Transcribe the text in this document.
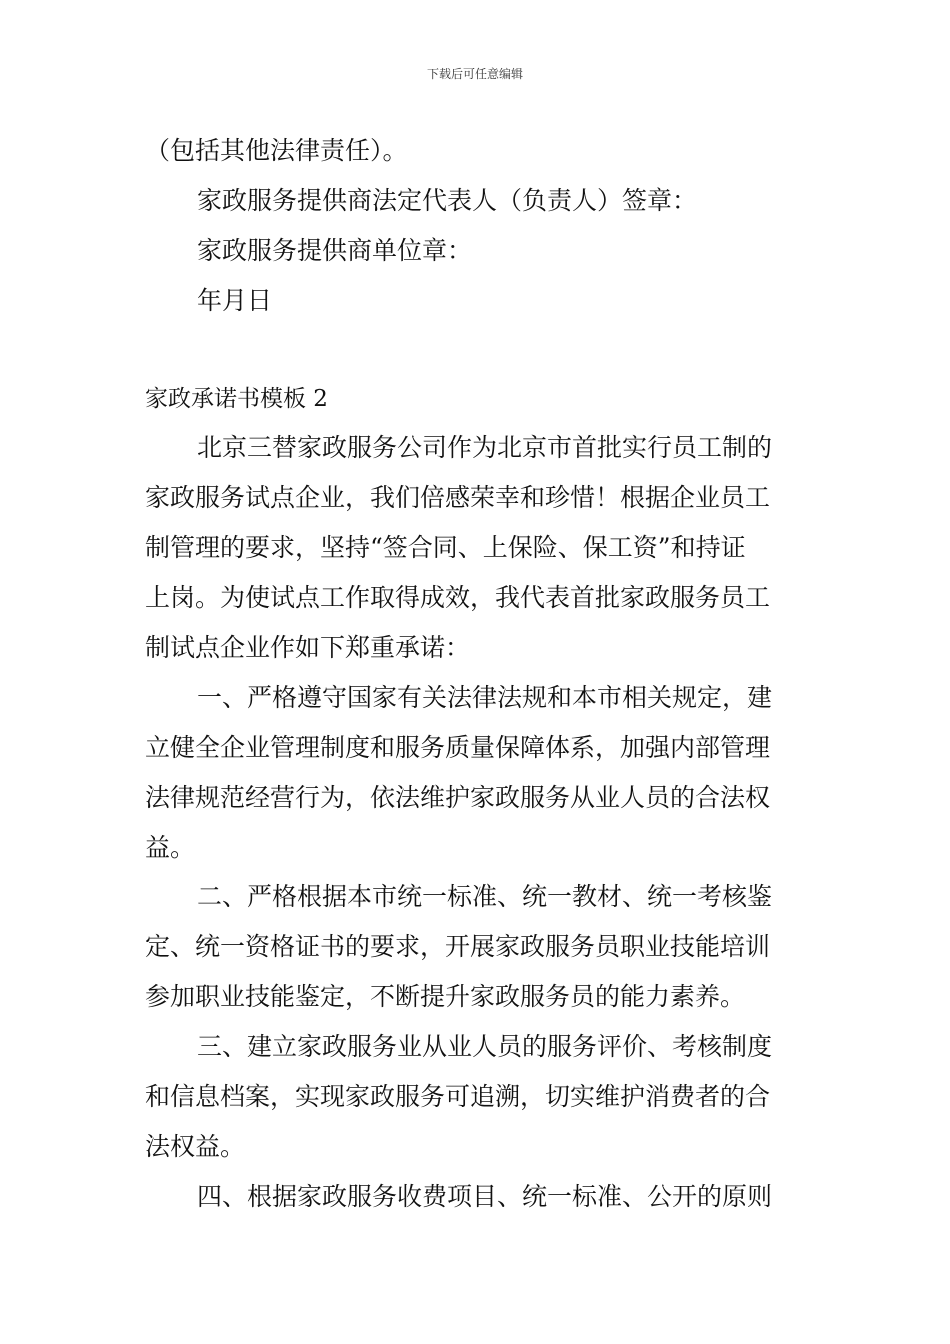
下载后可任意编辑
（包括其他法律责任）。
家政服务提供商法定代表人（负责人）签章：
家政服务提供商单位章：
年月日
家政承诺书模板 2
北京三替家政服务公司作为北京市首批实行员工制的
家政服务试点企业，我们倍感荣幸和珍惜！根据企业员工
制管理的要求，坚持“签合同、上保险、保工资”和持证
上岗。为使试点工作取得成效，我代表首批家政服务员工
制试点企业作如下郑重承诺：
一、严格遵守国家有关法律法规和本市相关规定，建
立健全企业管理制度和服务质量保障体系，加强内部管理
法律规范经营行为，依法维护家政服务从业人员的合法权
益。
二、严格根据本市统一标准、统一教材、统一考核鉴
定、统一资格证书的要求，开展家政服务员职业技能培训
参加职业技能鉴定，不断提升家政服务员的能力素养。
三、建立家政服务业从业人员的服务评价、考核制度
和信息档案，实现家政服务可追溯，切实维护消费者的合
法权益。
四、根据家政服务收费项目、统一标准、公开的原则
